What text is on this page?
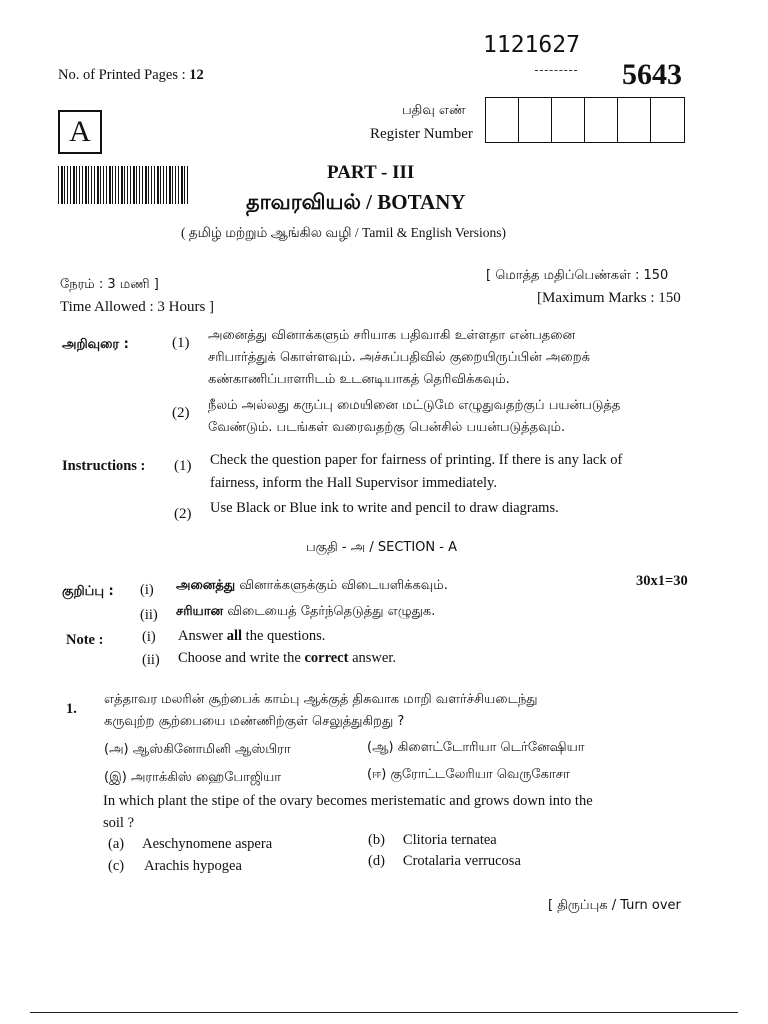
1121627
No. of Printed Pages : 12	5643
A
பதிவு எண்
Register Number
PART - III
தாவரவியல் / BOTANY
( தமிழ் மற்றும் ஆங்கில வழி / Tamil & English Versions)
நேரம் : 3 மணி ]
Time Allowed : 3 Hours ]
[ மொத்த மதிப்பெண்கள் : 150
[Maximum Marks : 150
அறிவுரை :	(1) அனைத்து வினாக்களும் சரியாக பதிவாகி உள்ளதா என்பதனை
சரிபார்த்துக் கொள்ளவும். அச்சுப்பதிவில் குறையிருப்பின் அறைக்
கண்காணிப்பாளரிடம் உடனடியாகத் தெரிவிக்கவும்.
(2) நீலம் அல்லது கருப்பு மையினை மட்டுமே எழுதுவதற்குப் பயன்படுத்த
வேண்டும். படங்கள் வரைவதற்கு பென்சில் பயன்படுத்தவும்.
Instructions : (1) Check the question paper for fairness of printing. If there is any lack of
fairness, inform the Hall Supervisor immediately.
(2) Use Black or Blue ink to write and pencil to draw diagrams.
பகுதி - அ / SECTION - A
30x1=30
குறிப்பு : (i) அனைத்து வினாக்களுக்கும் விடையளிக்கவும்.
(ii) சரியான விடையைத் தேர்ந்தெடுத்து எழுதுக.
Note :	(i) Answer all the questions.
(ii) Choose and write the correct answer.
1.
எத்தாவர மலரின் சூற்பைக் காம்பு ஆக்குத் திசுவாக மாறி வளர்ச்சியடைந்து
கருவுற்ற சூற்பையை மண்ணிற்குள் செலுத்துகிறது ?
(அ) ஆஸ்கினோமினி ஆஸ்பிரா	(ஆ) கிளைட்டோரியா டெர்னேஷியா
(இ) அராக்கிஸ் ஹைபோஜியா	(ஈ) குரோட்டலேரியா வெருகோசா
In which plant the stipe of the ovary becomes meristematic and grows down into the
soil ?
(a) Aeschynomene aspera	(b) Clitoria ternatea
(c) Arachis hypogea	(d) Crotalaria verrucosa
[ திருப்புக / Turn over
